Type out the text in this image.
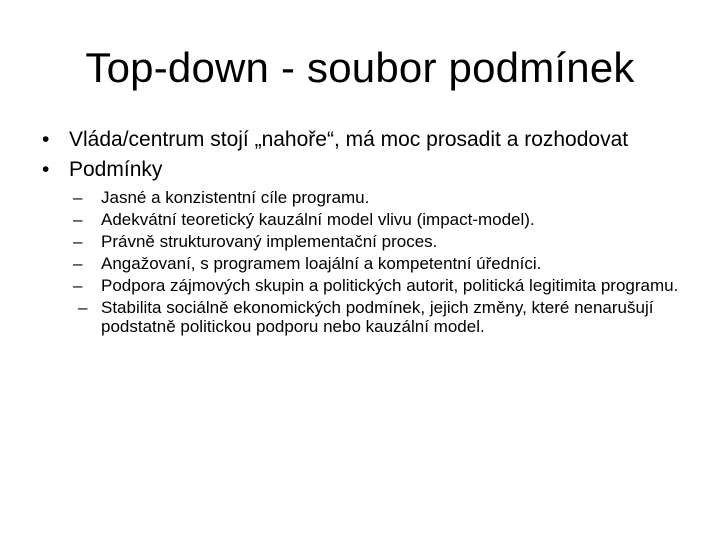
Top-down - soubor podmínek
• Vláda/centrum stojí „nahoře“, má moc prosadit a rozhodovat
• Podmínky
– Jasné a konzistentní cíle programu.
– Adekvátní teoretický kauzální model vlivu (impact-model).
– Právně strukturovaný implementační proces.
– Angažovaní, s programem loajální a kompetentní úředníci.
– Podpora zájmových skupin a politických autorit, politická legitimita programu.
– Stabilita sociálně ekonomických podmínek, jejich změny, které nenarušují podstatně politickou podporu nebo kauzální model.
